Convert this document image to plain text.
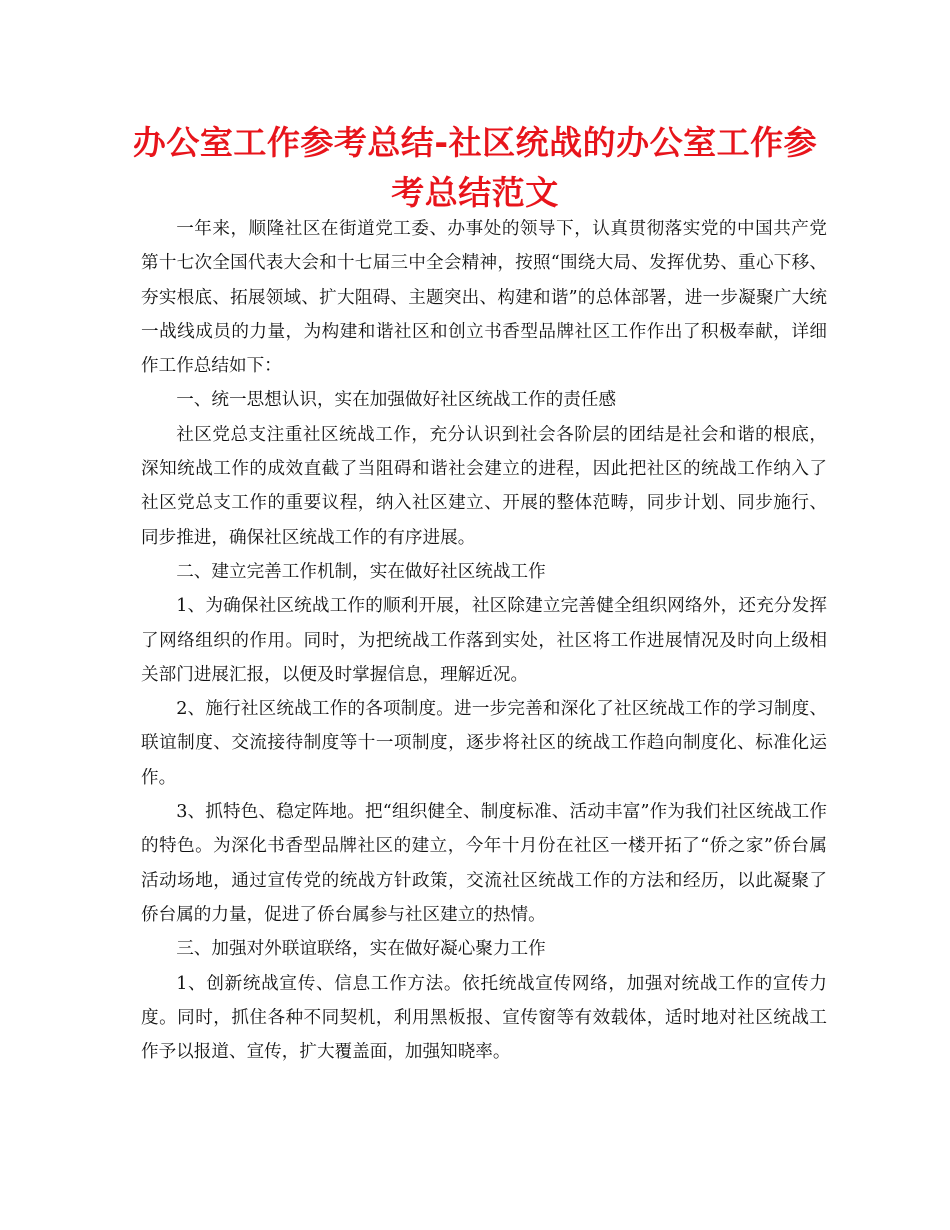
办公室工作参考总结-社区统战的办公室工作参考总结范文

一年来，顺隆社区在街道党工委、办事处的领导下，认真贯彻落实党的中国共产党第十七次全国代表大会和十七届三中全会精神，按照“围绕大局、发挥优势、重心下移、夯实根底、拓展领域、扩大阻碍、主题突出、构建和谐”的总体部署，进一步凝聚广大统一战线成员的力量，为构建和谐社区和创立书香型品牌社区工作作出了积极奉献，详细作工作总结如下：

一、统一思想认识，实在加强做好社区统战工作的责任感

社区党总支注重社区统战工作，充分认识到社会各阶层的团结是社会和谐的根底，深知统战工作的成效直截了当阻碍和谐社会建立的进程，因此把社区的统战工作纳入了社区党总支工作的重要议程，纳入社区建立、开展的整体范畴，同步计划、同步施行、同步推进，确保社区统战工作的有序进展。

二、建立完善工作机制，实在做好社区统战工作

1、为确保社区统战工作的顺利开展，社区除建立完善健全组织网络外，还充分发挥了网络组织的作用。同时，为把统战工作落到实处，社区将工作进展情况及时向上级相关部门进展汇报，以便及时掌握信息，理解近况。

2、施行社区统战工作的各项制度。进一步完善和深化了社区统战工作的学习制度、联谊制度、交流接待制度等十一项制度，逐步将社区的统战工作趋向制度化、标准化运作。

3、抓特色、稳定阵地。把“组织健全、制度标准、活动丰富”作为我们社区统战工作的特色。为深化书香型品牌社区的建立，今年十月份在社区一楼开拓了“侨之家”侨台属活动场地，通过宣传党的统战方针政策，交流社区统战工作的方法和经历，以此凝聚了侨台属的力量，促进了侨台属参与社区建立的热情。

三、加强对外联谊联络，实在做好凝心聚力工作

1、创新统战宣传、信息工作方法。依托统战宣传网络，加强对统战工作的宣传力度。同时，抓住各种不同契机，利用黑板报、宣传窗等有效载体，适时地对社区统战工作予以报道、宣传，扩大覆盖面，加强知晓率。
